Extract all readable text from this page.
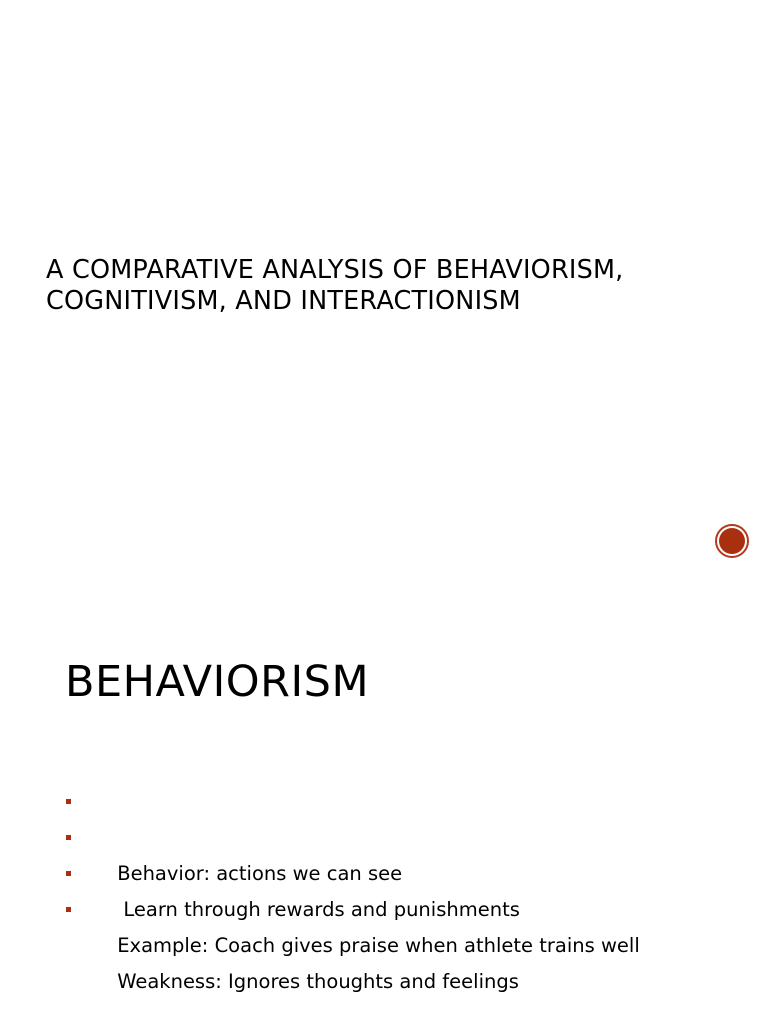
A COMPARATIVE ANALYSIS OF BEHAVIORISM,
COGNITIVISM, AND INTERACTIONISM
BEHAVIORISM

Behavior: actions we can see

Learn through rewards and punishments

Example: Coach gives praise when athlete trains well

Weakness: Ignores thoughts and feelings
